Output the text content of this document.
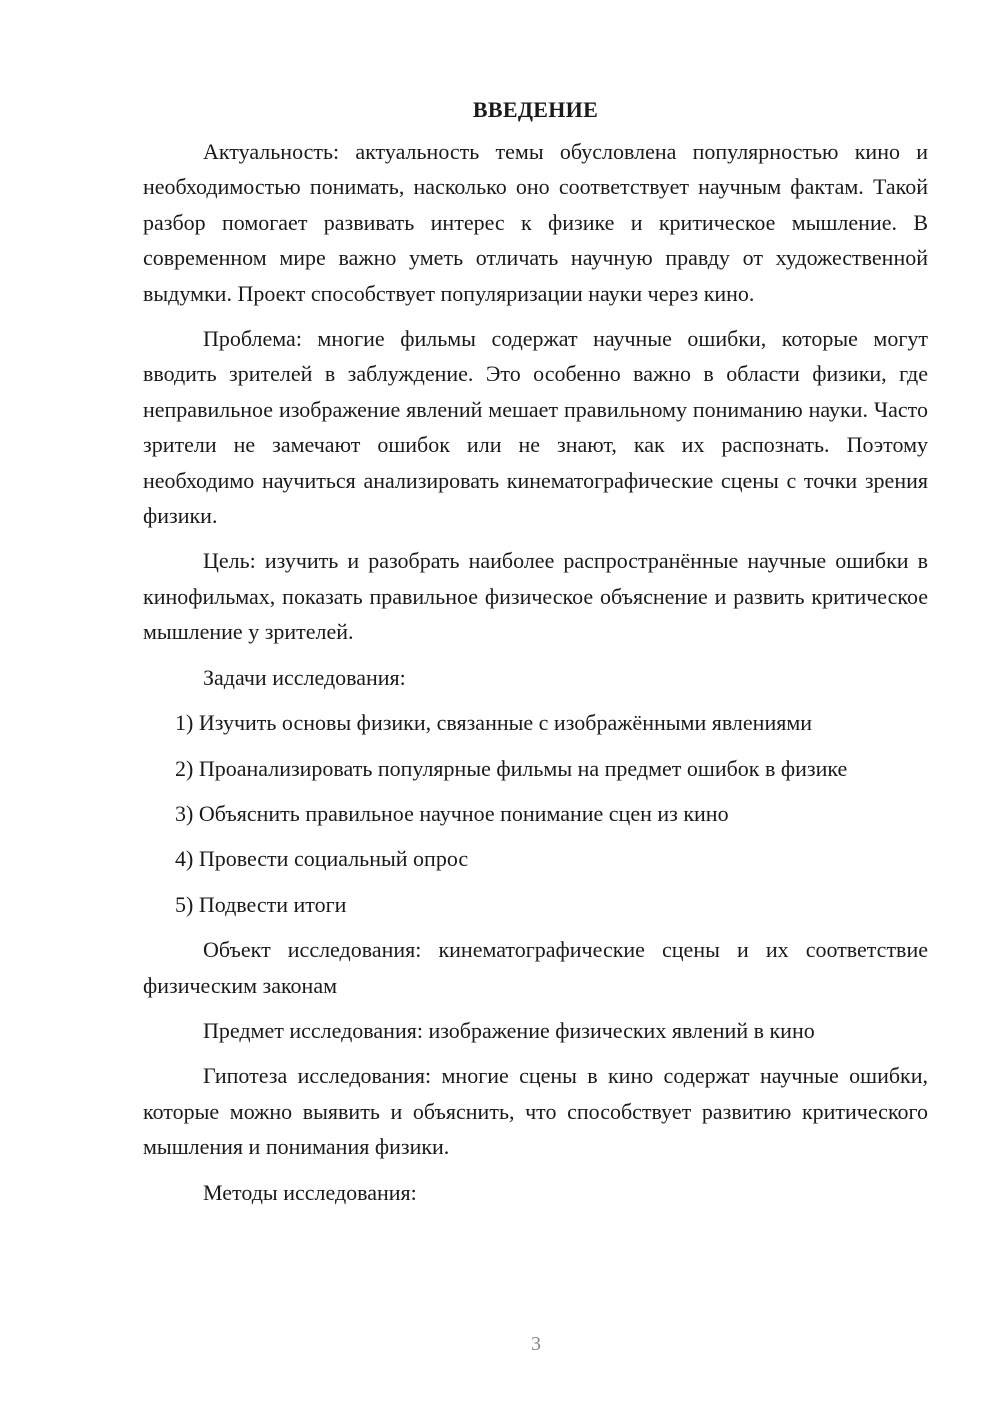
ВВЕДЕНИЕ

Актуальность: актуальность темы обусловлена популярностью кино и необходимостью понимать, насколько оно соответствует научным фактам. Такой разбор помогает развивать интерес к физике и критическое мышление. В современном мире важно уметь отличать научную правду от художественной выдумки. Проект способствует популяризации науки через кино.

Проблема: многие фильмы содержат научные ошибки, которые могут вводить зрителей в заблуждение. Это особенно важно в области физики, где неправильное изображение явлений мешает правильному пониманию науки. Часто зрители не замечают ошибок или не знают, как их распознать. Поэтому необходимо научиться анализировать кинематографические сцены с точки зрения физики.

Цель: изучить и разобрать наиболее распространённые научные ошибки в кинофильмах, показать правильное физическое объяснение и развить критическое мышление у зрителей.

Задачи исследования:

1) Изучить основы физики, связанные с изображёнными явлениями

2) Проанализировать популярные фильмы на предмет ошибок в физике

3) Объяснить правильное научное понимание сцен из кино

4) Провести социальный опрос

5) Подвести итоги

Объект исследования: кинематографические сцены и их соответствие физическим законам

Предмет исследования: изображение физических явлений в кино

Гипотеза исследования: многие сцены в кино содержат научные ошибки, которые можно выявить и объяснить, что способствует развитию критического мышления и понимания физики.

Методы исследования:

3
